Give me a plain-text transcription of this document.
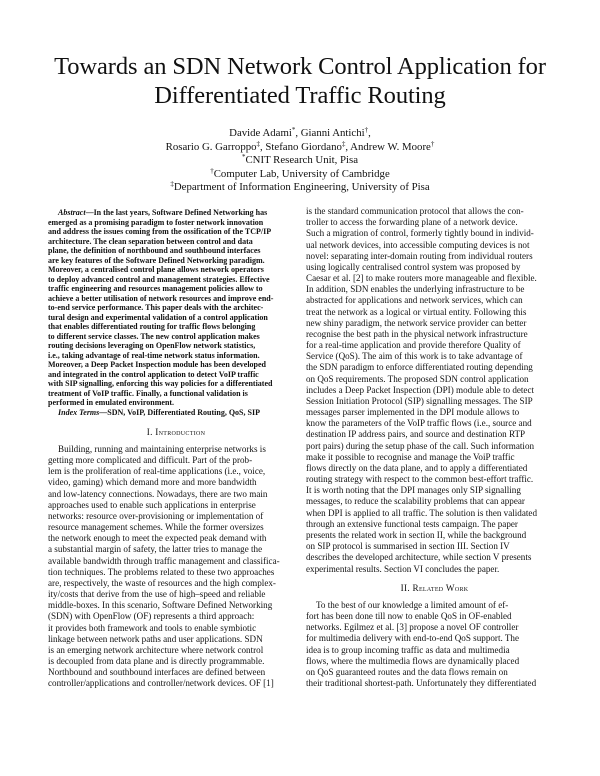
Towards an SDN Network Control Application for
Differentiated Traffic Routing
Davide Adami*, Gianni Antichi†,
Rosario G. Garroppo‡, Stefano Giordano‡, Andrew W. Moore†
*CNIT Research Unit, Pisa
†Computer Lab, University of Cambridge
‡Department of Information Engineering, University of Pisa
Abstract—In the last years, Software Defined Networking has
emerged as a promising paradigm to foster network innovation
and address the issues coming from the ossification of the TCP/IP
architecture. The clean separation between control and data
plane, the definition of northbound and southbound interfaces
are key features of the Software Defined Networking paradigm.
Moreover, a centralised control plane allows network operators
to deploy advanced control and management strategies. Effective
traffic engineering and resources management policies allow to
achieve a better utilisation of network resources and improve end-
to-end service performance. This paper deals with the architec-
tural design and experimental validation of a control application
that enables differentiated routing for traffic flows belonging
to different service classes. The new control application makes
routing decisions leveraging on OpenFlow network statistics,
i.e., taking advantage of real-time network status information.
Moreover, a Deep Packet Inspection module has been developed
and integrated in the control application to detect VoIP traffic
with SIP signalling, enforcing this way policies for a differentiated
treatment of VoIP traffic. Finally, a functional validation is
performed in emulated environment.
Index Terms—SDN, VoIP, Differentiated Routing, QoS, SIP
I. Introduction
Building, running and maintaining enterprise networks is
getting more complicated and difficult. Part of the prob-
lem is the proliferation of real-time applications (i.e., voice,
video, gaming) which demand more and more bandwidth
and low-latency connections. Nowadays, there are two main
approaches used to enable such applications in enterprise
networks: resource over-provisioning or implementation of
resource management schemes. While the former oversizes
the network enough to meet the expected peak demand with
a substantial margin of safety, the latter tries to manage the
available bandwidth through traffic management and classifica-
tion techniques. The problems related to these two approaches
are, respectively, the waste of resources and the high complex-
ity/costs that derive from the use of high–speed and reliable
middle-boxes. In this scenario, Software Defined Networking
(SDN) with OpenFlow (OF) represents a third approach:
it provides both framework and tools to enable symbiotic
linkage between network paths and user applications. SDN
is an emerging network architecture where network control
is decoupled from data plane and is directly programmable.
Northbound and southbound interfaces are defined between
controller/applications and controller/network devices. OF [1]
is the standard communication protocol that allows the con-
troller to access the forwarding plane of a network device.
Such a migration of control, formerly tightly bound in individ-
ual network devices, into accessible computing devices is not
novel: separating inter-domain routing from individual routers
using logically centralised control system was proposed by
Caesar et al. [2] to make routers more manageable and flexible.
In addition, SDN enables the underlying infrastructure to be
abstracted for applications and network services, which can
treat the network as a logical or virtual entity. Following this
new shiny paradigm, the network service provider can better
recognise the best path in the physical network infrastructure
for a real-time application and provide therefore Quality of
Service (QoS). The aim of this work is to take advantage of
the SDN paradigm to enforce differentiated routing depending
on QoS requirements. The proposed SDN control application
includes a Deep Packet Inspection (DPI) module able to detect
Session Initiation Protocol (SIP) signalling messages. The SIP
messages parser implemented in the DPI module allows to
know the parameters of the VoIP traffic flows (i.e., source and
destination IP address pairs, and source and destination RTP
port pairs) during the setup phase of the call. Such information
make it possible to recognise and manage the VoiP traffic
flows directly on the data plane, and to apply a differentiated
routing strategy with respect to the common best-effort traffic.
It is worth noting that the DPI manages only SIP signalling
messages, to reduce the scalability problems that can appear
when DPI is applied to all traffic. The solution is then validated
through an extensive functional tests campaign. The paper
presents the related work in section II, while the background
on SIP protocol is summarised in section III. Section IV
describes the developed architecture, while section V presents
experimental results. Section VI concludes the paper.
II. Related Work
To the best of our knowledge a limited amount of ef-
fort has been done till now to enable QoS in OF-enabled
networks. Egilmez et al. [3] propose a novel OF controller
for multimedia delivery with end-to-end QoS support. The
idea is to group incoming traffic as data and multimedia
flows, where the multimedia flows are dynamically placed
on QoS guaranteed routes and the data flows remain on
their traditional shortest-path. Unfortunately they differentiated
